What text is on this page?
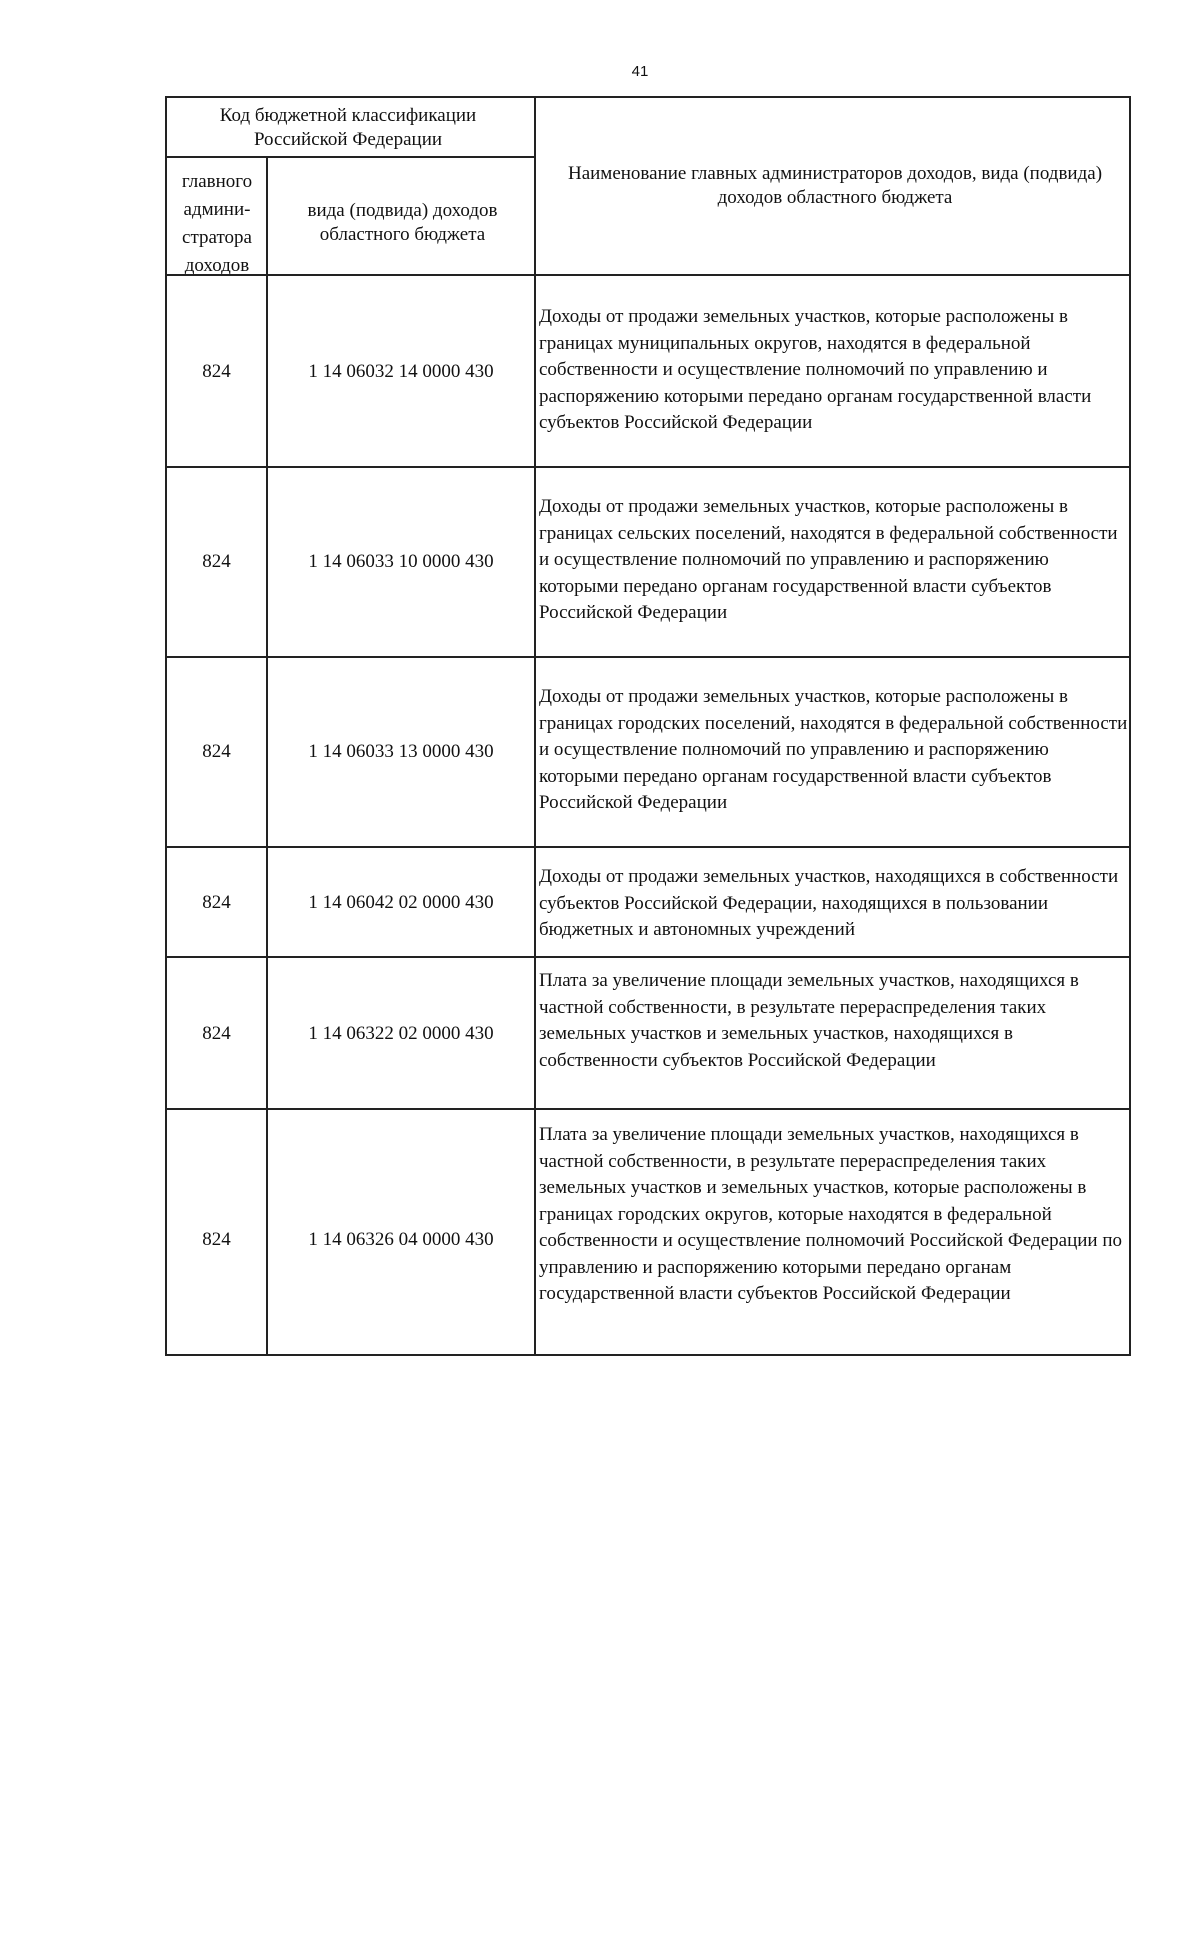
41
Код бюджетной классификации Российской Федерации
главного админи- стратора доходов
вида (подвида) доходов областного бюджета
Наименование главных администраторов доходов, вида (подвида) доходов областного бюджета
824	1 14 06032 14 0000 430
Доходы от продажи земельных участков, которые расположены в границах муниципальных округов, находятся в федеральной собственности и осуществление полномочий по управлению и распоряжению которыми передано органам государственной власти субъектов Российской Федерации
824	1 14 06033 10 0000 430
Доходы от продажи земельных участков, которые расположены в границах сельских поселений, находятся в федеральной собственности и осуществление полномочий по управлению и распоряжению которыми передано органам государственной власти субъектов Российской Федерации
824	1 14 06033 13 0000 430
Доходы от продажи земельных участков, которые расположены в границах городских поселений, находятся в федеральной собственности и осуществление полномочий по управлению и распоряжению которыми передано органам государственной власти субъектов Российской Федерации
824	1 14 06042 02 0000 430
Доходы от продажи земельных участков, находящихся в собственности субъектов Российской Федерации, находящихся в пользовании бюджетных и автономных учреждений
824	1 14 06322 02 0000 430
Плата за увеличение площади земельных участков, находящихся в частной собственности, в результате перераспределения таких земельных участков и земельных участков, находящихся в собственности субъектов Российской Федерации
824	1 14 06326 04 0000 430
Плата за увеличение площади земельных участков, находящихся в частной собственности, в результате перераспределения таких земельных участков и земельных участков, которые расположены в границах городских округов, которые находятся в федеральной собственности и осуществление полномочий Российской Федерации по управлению и распоряжению которыми передано органам государственной власти субъектов Российской Федерации
